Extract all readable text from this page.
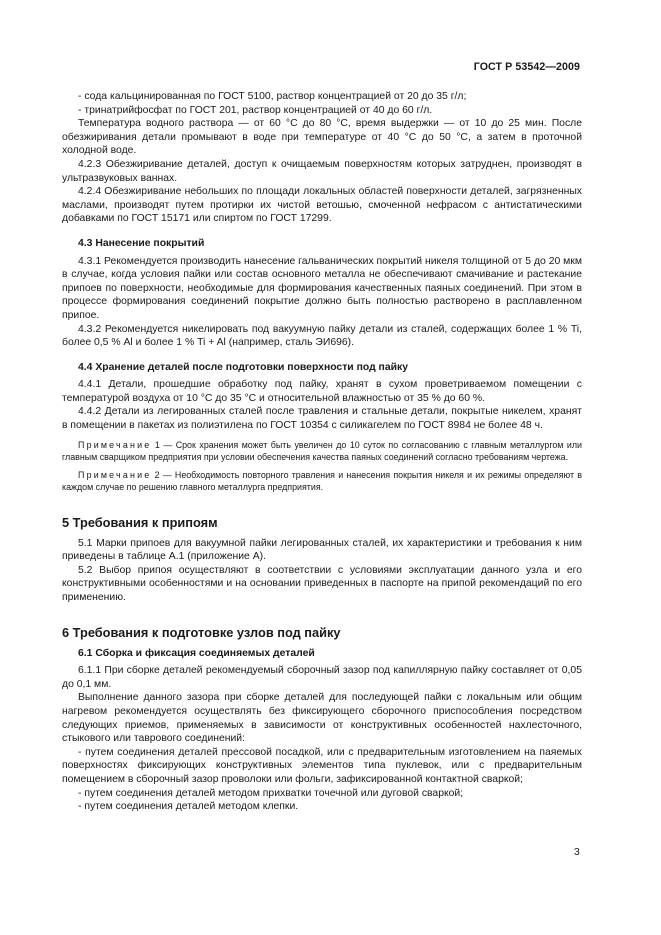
ГОСТ Р 53542—2009

- сода кальцинированная по ГОСТ 5100, раствор концентрацией от 20 до 35 г/л;

- тринатрийфосфат по ГОСТ 201, раствор концентрацией от 40 до 60 г/л.

Температура водного раствора — от 60 °С до 80 °С, время выдержки — от 10 до 25 мин. После обезжиривания детали промывают в воде при температуре от 40 °С до 50 °С, а затем в проточной холодной воде.

4.2.3 Обезжиривание деталей, доступ к очищаемым поверхностям которых затруднен, производят в ультразвуковых ваннах.

4.2.4 Обезжиривание небольших по площади локальных областей поверхности деталей, загрязненных маслами, производят путем протирки их чистой ветошью, смоченной нефрасом с антистатическими добавками по ГОСТ 15171 или спиртом по ГОСТ 17299.

4.3 Нанесение покрытий

4.3.1 Рекомендуется производить нанесение гальванических покрытий никеля толщиной от 5 до 20 мкм в случае, когда условия пайки или состав основного металла не обеспечивают смачивание и растекание припоев по поверхности, необходимые для формирования качественных паяных соединений. При этом в процессе формирования соединений покрытие должно быть полностью растворено в расплавленном припое.

4.3.2 Рекомендуется никелировать под вакуумную пайку детали из сталей, содержащих более 1 % Ti, более 0,5 % Al и более 1 % Ti + Al (например, сталь ЭИ696).

4.4 Хранение деталей после подготовки поверхности под пайку

4.4.1 Детали, прошедшие обработку под пайку, хранят в сухом проветриваемом помещении с температурой воздуха от 10 °С до 35 °С и относительной влажностью от 35 % до 60 %.

4.4.2 Детали из легированных сталей после травления и стальные детали, покрытые никелем, хранят в помещении в пакетах из полиэтилена по ГОСТ 10354 с силикагелем по ГОСТ 8984 не более 48 ч.

Примечание 1 — Срок хранения может быть увеличен до 10 суток по согласованию с главным металлургом или главным сварщиком предприятия при условии обеспечения качества паяных соединений согласно требованиям чертежа.

Примечание 2 — Необходимость повторного травления и нанесения покрытия никеля и их режимы определяют в каждом случае по решению главного металлурга предприятия.

5 Требования к припоям

5.1 Марки припоев для вакуумной пайки легированных сталей, их характеристики и требования к ним приведены в таблице А.1 (приложение А).

5.2 Выбор припоя осуществляют в соответствии с условиями эксплуатации данного узла и его конструктивными особенностями и на основании приведенных в паспорте на припой рекомендаций по его применению.

6 Требования к подготовке узлов под пайку

6.1 Сборка и фиксация соединяемых деталей

6.1.1 При сборке деталей рекомендуемый сборочный зазор под капиллярную пайку составляет от 0,05 до 0,1 мм.

Выполнение данного зазора при сборке деталей для последующей пайки с локальным или общим нагревом рекомендуется осуществлять без фиксирующего сборочного приспособления посредством следующих приемов, применяемых в зависимости от конструктивных особенностей нахлесточного, стыкового или таврового соединений:

- путем соединения деталей прессовой посадкой, или с предварительным изготовлением на паяемых поверхностях фиксирующих конструктивных элементов типа пуклевок, или с предварительным помещением в сборочный зазор проволоки или фольги, зафиксированной контактной сваркой;

- путем соединения деталей методом прихватки точечной или дуговой сваркой;

- путем соединения деталей методом клепки.

3
